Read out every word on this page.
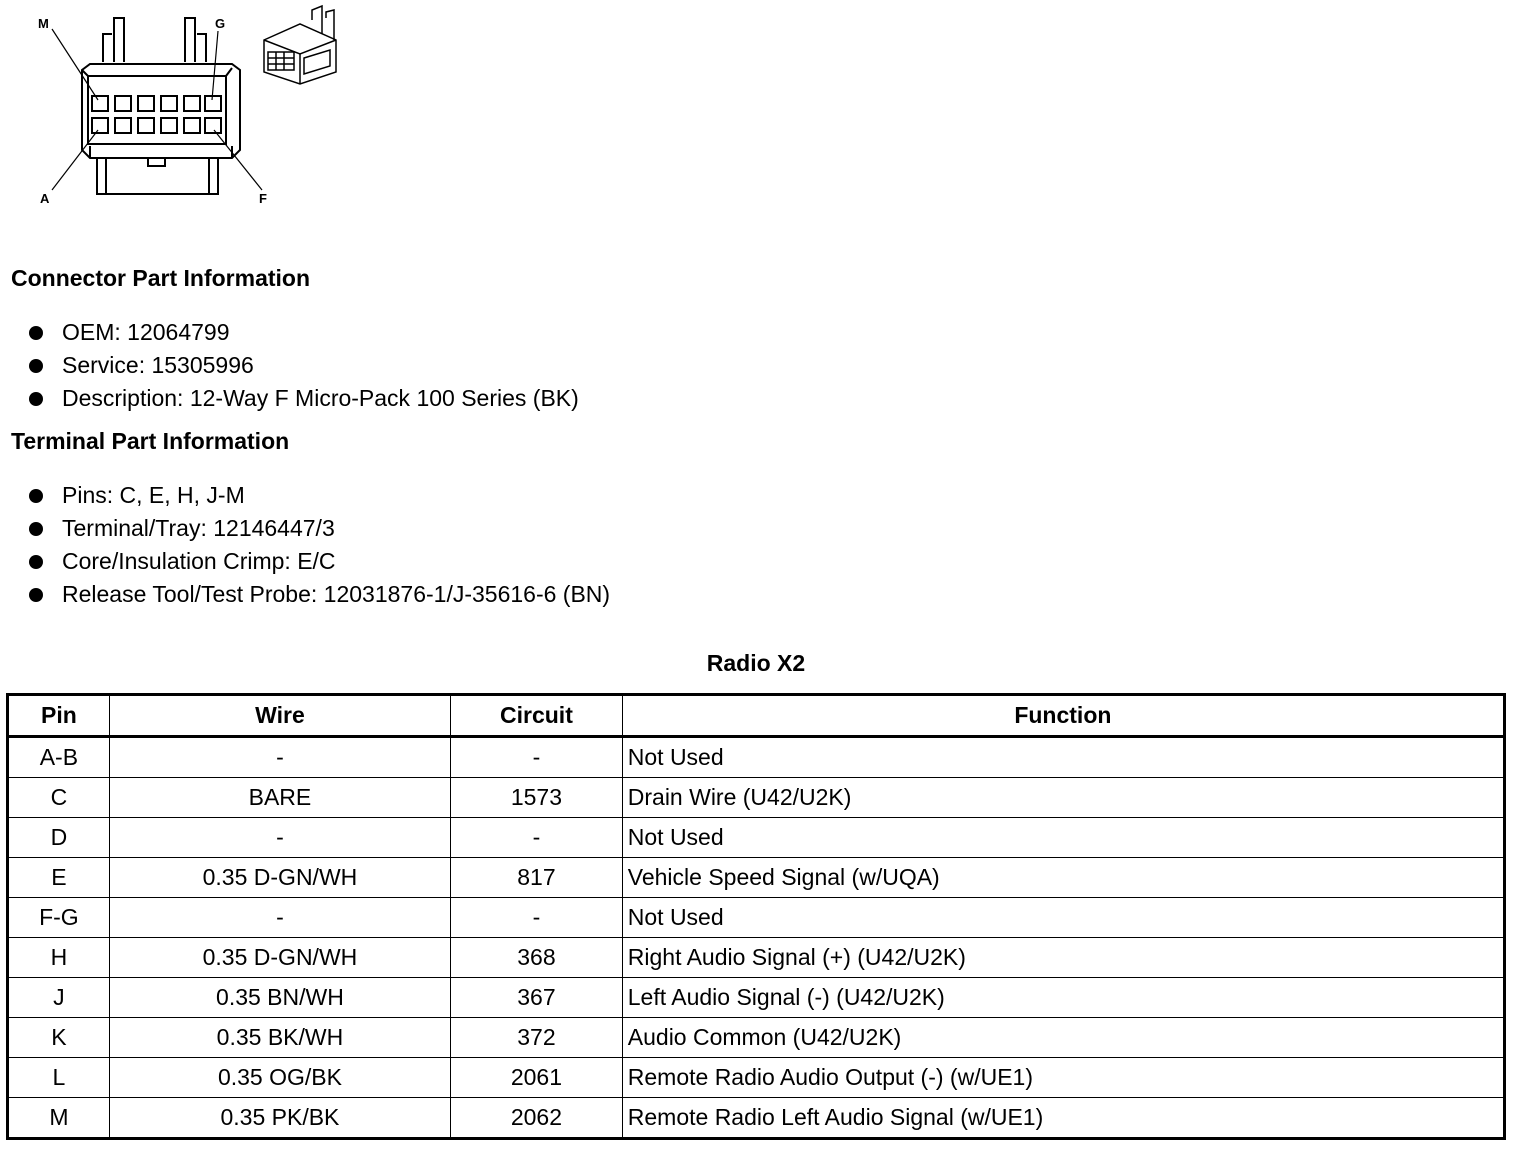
M	G
A	F
Connector Part Information
OEM: 12064799
Service: 15305996
Description: 12-Way F Micro-Pack 100 Series (BK)
Terminal Part Information
Pins: C, E, H, J-M
Terminal/Tray: 12146447/3
Core/Insulation Crimp: E/C
Release Tool/Test Probe: 12031876-1/J-35616-6 (BN)
Radio X2
Pin	Wire	Circuit	Function
A-B	-	-	Not Used
C	BARE	1573	Drain Wire (U42/U2K)
D	-	-	Not Used
E	0.35 D-GN/WH	817	Vehicle Speed Signal (w/UQA)
F-G	-	-	Not Used
H	0.35 D-GN/WH	368	Right Audio Signal (+) (U42/U2K)
J	0.35 BN/WH	367	Left Audio Signal (-) (U42/U2K)
K	0.35 BK/WH	372	Audio Common (U42/U2K)
L	0.35 OG/BK	2061	Remote Radio Audio Output (-) (w/UE1)
M	0.35 PK/BK	2062	Remote Radio Left Audio Signal (w/UE1)
